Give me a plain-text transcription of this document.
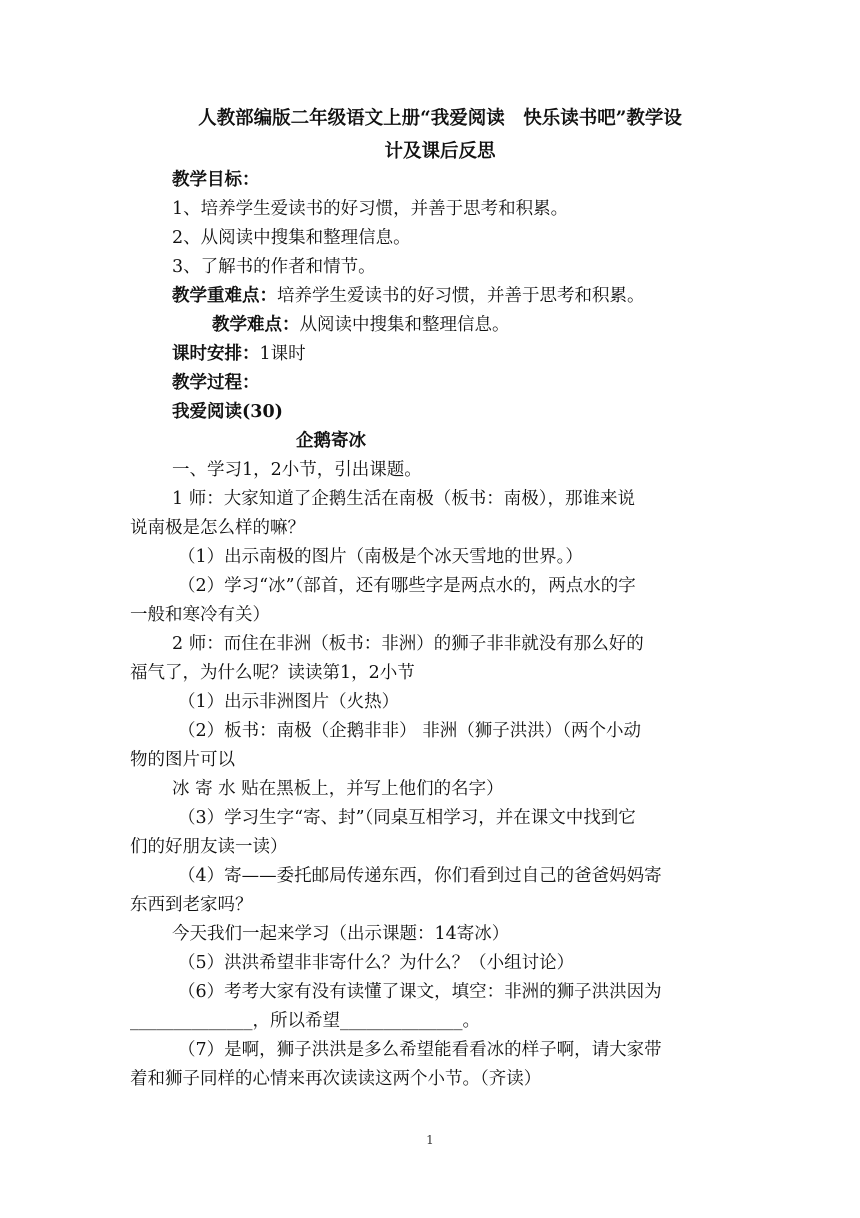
人教部编版二年级语文上册“我爱阅读　快乐读书吧”教学设
计及课后反思
教学目标：
1、培养学生爱读书的好习惯，并善于思考和积累。
2、从阅读中搜集和整理信息。
3、了解书的作者和情节。
教学重难点：培养学生爱读书的好习惯，并善于思考和积累。
教学难点：从阅读中搜集和整理信息。
课时安排：1课时
教学过程：
我爱阅读(30)
企鹅寄冰
一、学习1，2小节，引出课题。
1 师：大家知道了企鹅生活在南极（板书：南极），那谁来说
说南极是怎么样的嘛？
（1）出示南极的图片（南极是个冰天雪地的世界。）
（2）学习“冰”（部首，还有哪些字是两点水的，两点水的字
一般和寒冷有关）
2 师：而住在非洲（板书：非洲）的狮子非非就没有那么好的
福气了，为什么呢？读读第1，2小节
（1）出示非洲图片（火热）
（2）板书：南极（企鹅非非） 非洲（狮子洪洪）（两个小动
物的图片可以
冰 寄 水 贴在黑板上，并写上他们的名字）
（3）学习生字“寄、封”（同桌互相学习，并在课文中找到它
们的好朋友读一读）
（4）寄——委托邮局传递东西，你们看到过自己的爸爸妈妈寄
东西到老家吗？
今天我们一起来学习（出示课题：14寄冰）
（5）洪洪希望非非寄什么？为什么？（小组讨论）
（6）考考大家有没有读懂了课文，填空：非洲的狮子洪洪因为
______________，所以希望______________。
（7）是啊，狮子洪洪是多么希望能看看冰的样子啊，请大家带
着和狮子同样的心情来再次读读这两个小节。（齐读）
1
